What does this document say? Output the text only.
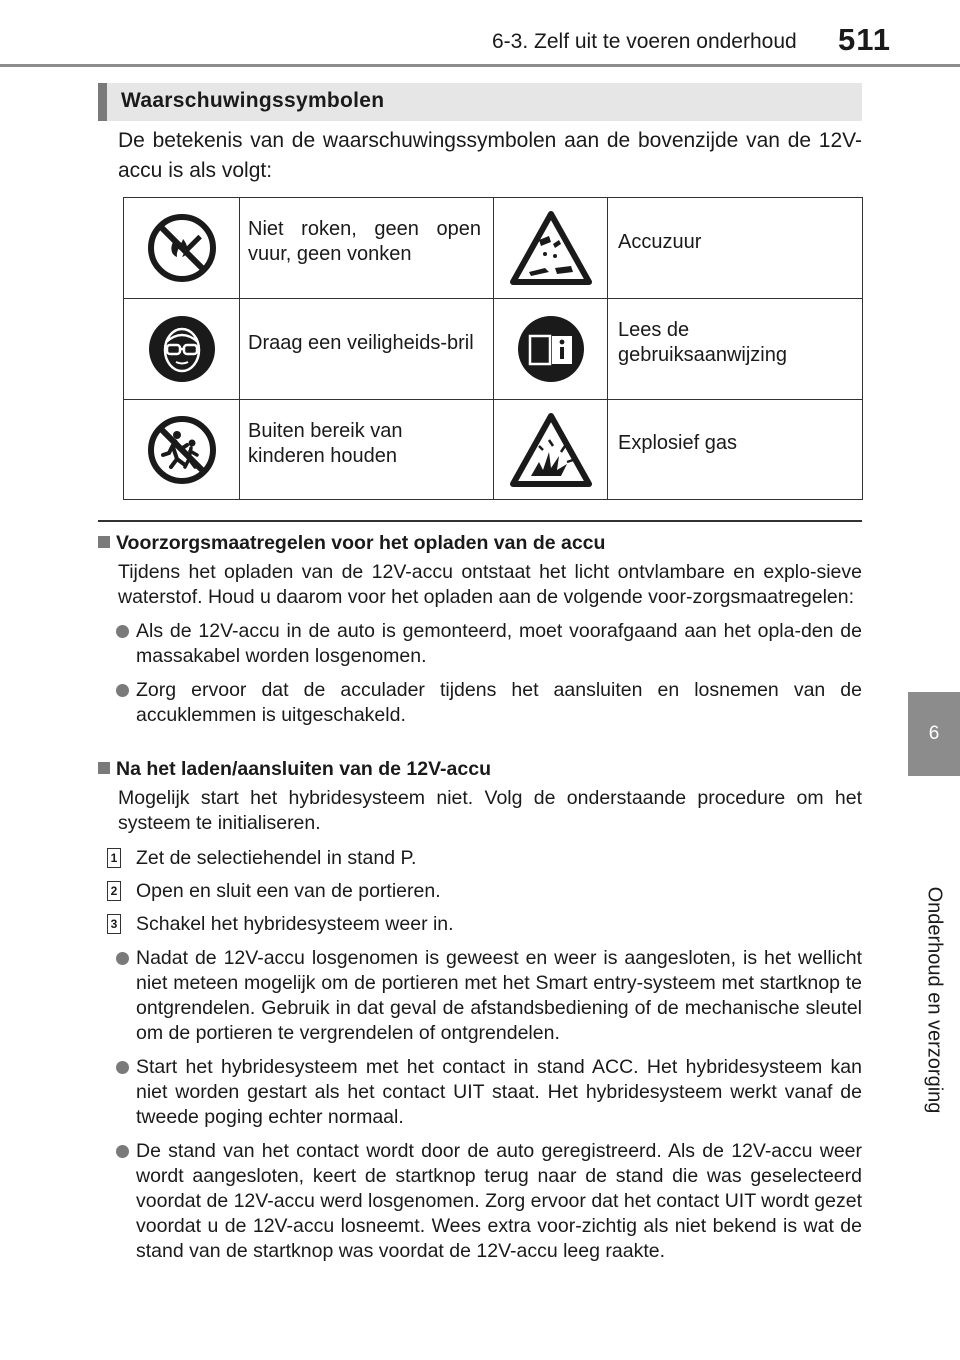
6-3. Zelf uit te voeren onderhoud 511
6
Onderhoud en verzorging
Waarschuwingssymbolen
De betekenis van de waarschuwingssymbolen aan de bovenzijde van de 12V-accu is als volgt:
	Niet roken, geen open vuur, geen vonken		Accuzuur

	Draag een veiligheids-bril		Lees de gebruiksaanwijzing

	Buiten bereik van kinderen houden		Explosief gas
Voorzorgsmaatregelen voor het opladen van de accu
Tijdens het opladen van de 12V-accu ontstaat het licht ontvlambare en explo-sieve waterstof. Houd u daarom voor het opladen aan de volgende voor-zorgsmaatregelen:
Als de 12V-accu in de auto is gemonteerd, moet voorafgaand aan het opla-den de massakabel worden losgenomen.
Zorg ervoor dat de acculader tijdens het aansluiten en losnemen van de accuklemmen is uitgeschakeld.
Na het laden/aansluiten van de 12V-accu
Mogelijk start het hybridesysteem niet. Volg de onderstaande procedure om het systeem te initialiseren.
1 Zet de selectiehendel in stand P.
2 Open en sluit een van de portieren.
3 Schakel het hybridesysteem weer in.
Nadat de 12V-accu losgenomen is geweest en weer is aangesloten, is het wellicht niet meteen mogelijk om de portieren met het Smart entry-systeem met startknop te ontgrendelen. Gebruik in dat geval de afstandsbediening of de mechanische sleutel om de portieren te vergrendelen of ontgrendelen.
Start het hybridesysteem met het contact in stand ACC. Het hybridesysteem kan niet worden gestart als het contact UIT staat. Het hybridesysteem werkt vanaf de tweede poging echter normaal.
De stand van het contact wordt door de auto geregistreerd. Als de 12V-accu weer wordt aangesloten, keert de startknop terug naar de stand die was geselecteerd voordat de 12V-accu werd losgenomen. Zorg ervoor dat het contact UIT wordt gezet voordat u de 12V-accu losneemt. Wees extra voor-zichtig als niet bekend is wat de stand van de startknop was voordat de 12V-accu leeg raakte.
